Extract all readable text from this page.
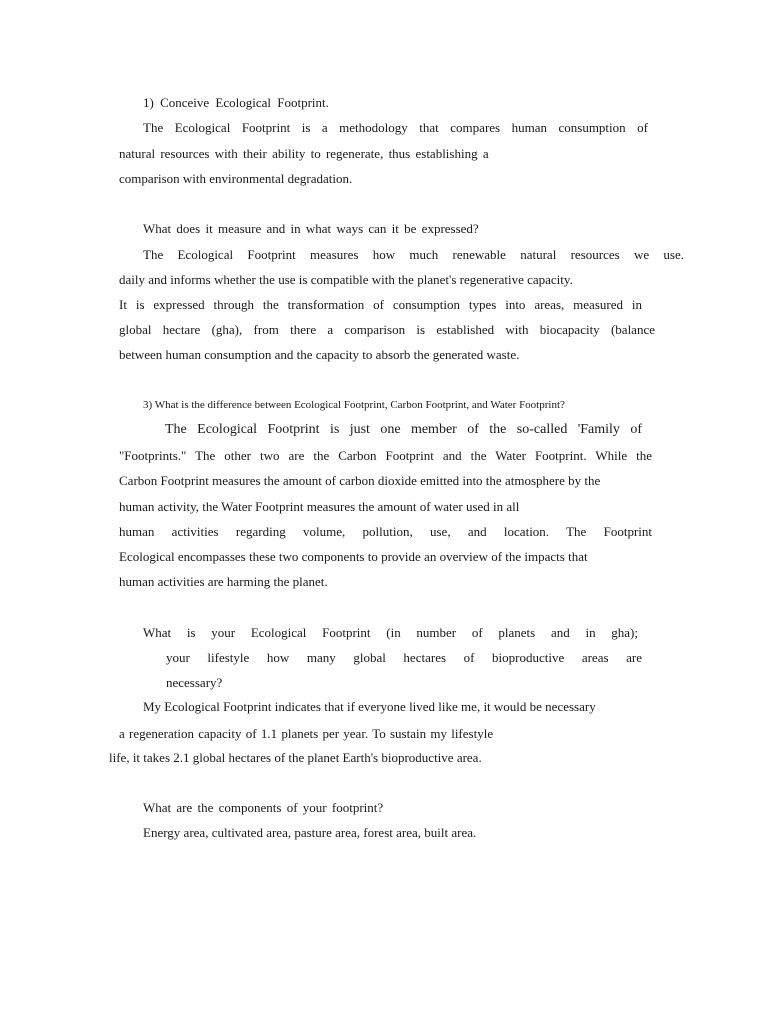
1) Conceive Ecological Footprint.

The Ecological Footprint is a methodology that compares human consumption of

natural resources with their ability to regenerate, thus establishing a

comparison with environmental degradation.

What does it measure and in what ways can it be expressed?

The Ecological Footprint measures how much renewable natural resources we use.

daily and informs whether the use is compatible with the planet's regenerative capacity.

It is expressed through the transformation of consumption types into areas, measured in

global hectare (gha), from there a comparison is established with biocapacity (balance

between human consumption and the capacity to absorb the generated waste.

3) What is the difference between Ecological Footprint, Carbon Footprint, and Water Footprint?

The Ecological Footprint is just one member of the so-called 'Family of

"Footprints." The other two are the Carbon Footprint and the Water Footprint. While the

Carbon Footprint measures the amount of carbon dioxide emitted into the atmosphere by the

human activity, the Water Footprint measures the amount of water used in all

human activities regarding volume, pollution, use, and location. The Footprint

Ecological encompasses these two components to provide an overview of the impacts that

human activities are harming the planet.

What is your Ecological Footprint (in number of planets and in gha);

your lifestyle how many global hectares of bioproductive areas are

necessary?

My Ecological Footprint indicates that if everyone lived like me, it would be necessary

a regeneration capacity of 1.1 planets per year. To sustain my lifestyle

life, it takes 2.1 global hectares of the planet Earth's bioproductive area.

What are the components of your footprint?

Energy area, cultivated area, pasture area, forest area, built area.
